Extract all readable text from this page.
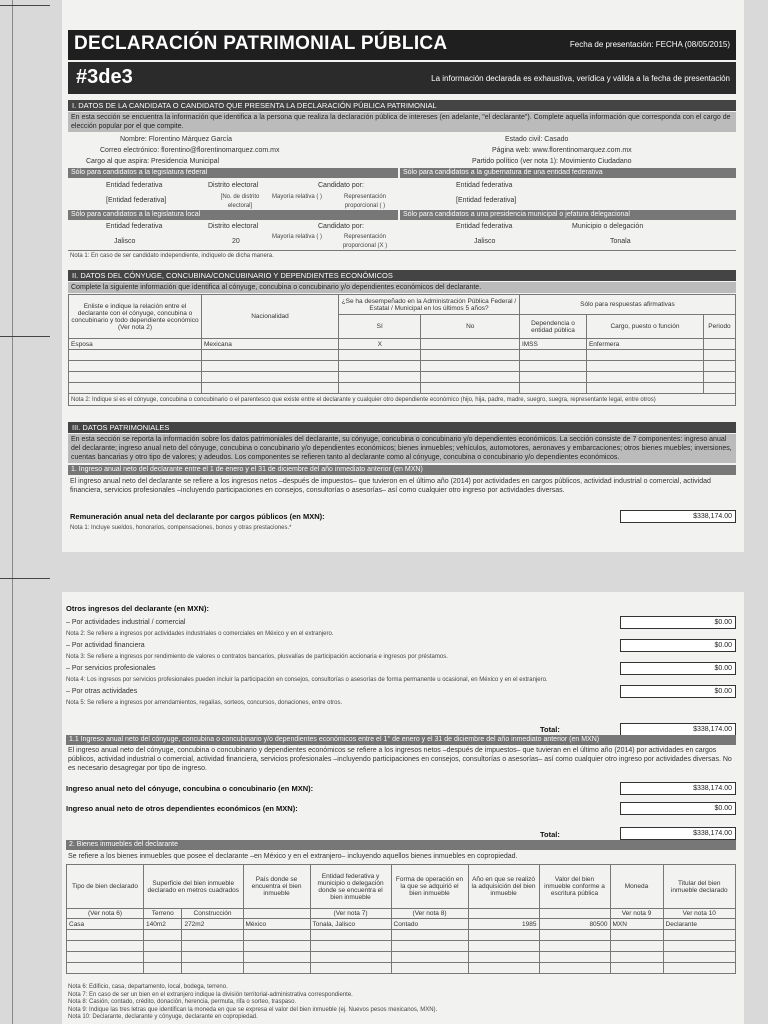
DECLARACIÓN PATRIMONIAL PÚBLICA	Fecha de presentación: FECHA (08/05/2015)
#3de3	La información declarada es exhaustiva, verídica y válida a la fecha de presentación
I. DATOS DE LA CANDIDATA O CANDIDATO QUE PRESENTA LA DECLARACIÓN PÚBLICA PATRIMONIAL
En esta sección se encuentra la información que identifica a la persona que realiza la declaración pública de intereses (en adelante, "el declarante"). Complete aquella información que corresponda con el cargo de elección popular por el que compite.
Nombre: Florentino Márquez García
Correo electrónico: florentino@florentinomarquez.com.mx
Cargo al que aspira: Presidencia Municipal
Estado civil: Casado
Página web: www.florentinomarquez.com.mx
Partido político (ver nota 1): Movimiento Ciudadano
Sólo para candidatos a la legislatura federal	Sólo para candidatos a la gubernatura de una entidad federativa
Entidad federativa	Distrito electoral	Candidato por:	Entidad federativa
[Entidad federativa]	[No. de distrito electoral]
Mayoría relativa ( )	Representación proporcional ( )
[Entidad federativa]
Sólo para candidatos a la legislatura local	Sólo para candidatos a una presidencia municipal o jefatura delegacional
Entidad federativa	Distrito electoral	Candidato por:	Entidad federativa	Municipio o delegación
Jalisco	20
Mayoría relativa ( )	Representación proporcional (X )
Jalisco	Tonala
Nota 1: En caso de ser candidato independiente, indíquelo de dicha manera.
II. DATOS DEL CÓNYUGE, CONCUBINA/CONCUBINARIO Y DEPENDIENTES ECONÓMICOS
Complete la siguiente información que identifica al cónyuge, concubina o concubinario y/o dependientes económicos del declarante.
Enliste e indique la relación entre el declarante con el cónyuge, concubina o concubinario y todo dependiente económico
(Ver nota 2)	Nacionalidad	¿Se ha desempeñado en la Administración Pública Federal / Estatal / Municipal en los últimos 5 años?		Sólo para respuestas afirmativas		
		Sí	No	Dependencia o entidad pública	Cargo, puesto o función	Periodo
Esposa	Mexicana	X		IMSS	Enfermera	

Nota 2: Indique si es el cónyuge, concubina o concubinario o el parentesco que existe entre el declarante y cualquier otro dependiente económico (hijo, hija, padre, madre, suegro, suegra, representante legal, entre otros)						
III. DATOS PATRIMONIALES
En esta sección se reporta la información sobre los datos patrimoniales del declarante, su cónyuge, concubina o concubinario y/o dependientes económicos. La sección consiste de 7 componentes: ingreso anual del declarante; ingreso anual neto del cónyuge, concubina o concubinario y/o dependientes económicos; bienes inmuebles; vehículos, automotores, aeronaves y embarcaciones; otros bienes muebles; inversiones, cuentas bancarias y otro tipo de valores; y adeudos. Los componentes se refieren tanto al declarante como al cónyuge, concubina o concubinario y/o dependientes económicos.
1. Ingreso anual neto del declarante entre el 1 de enero y el 31 de diciembre del año inmediato anterior (en MXN)
El ingreso anual neto del declarante se refiere a los ingresos netos –después de impuestos– que tuvieron en el último año (2014) por actividades en cargos públicos, actividad industrial o comercial, actividad financiera, servicios profesionales –incluyendo participaciones en consejos, consultorías o asesorías– así como cualquier otro ingreso por actividades diversas.
Remuneración anual neta del declarante por cargos públicos (en MXN):	$338,174.00
Nota 1: Incluye sueldos, honorarios, compensaciones, bonos y otras prestaciones.*
Otros ingresos del declarante (en MXN):
– Por actividades industrial / comercial	$0.00
Nota 2: Se refiere a ingresos por actividades industriales o comerciales en México y en el extranjero.
– Por actividad financiera	$0.00
Nota 3: Se refiere a ingresos por rendimiento de valores o contratos bancarios, plusvalías de participación accionaria e ingresos por préstamos.
– Por servicios profesionales	$0.00
Nota 4: Los ingresos por servicios profesionales pueden incluir la participación en consejos, consultorías o asesorías de forma permanente u ocasional, en México y en el extranjero.
– Por otras actividades	$0.00
Nota 5: Se refiere a ingresos por arrendamientos, regalías, sorteos, concursos, donaciones, entre otros.
Total:	$338,174.00
1.1 Ingreso anual neto del cónyuge, concubina o concubinario y/o dependientes económicos entre el 1° de enero y el 31 de diciembre del año inmediato anterior (en MXN)
El ingreso anual neto del cónyuge, concubina o concubinario y dependientes económicos se refiere a los ingresos netos –después de impuestos– que tuvieran en el último año (2014) por actividades en cargos públicos, actividad industrial o comercial, actividad financiera, servicios profesionales –incluyendo participaciones en consejos, consultorías o asesorías– así como cualquier otro ingreso por actividades diversas. No es necesario desagregar por tipo de ingreso.
Ingreso anual neto del cónyuge, concubina o concubinario (en MXN):	$338,174.00
Ingreso anual neto de otros dependientes económicos (en MXN):	$0.00
Total:	$338,174.00
2. Bienes inmuebles del declarante
Se refiere a los bienes inmuebles que posee el declarante –en México y en el extranjero– incluyendo aquellos bienes inmuebles en copropiedad.
Tipo de bien declarado	Superficie del bien inmueble declarado en metros cuadrados		País donde se encuentra el bien inmueble	Entidad federativa y municipio o delegación donde se encuentra el bien inmueble	Forma de operación en la que se adquirió el bien inmueble	Año en que se realizó la adquisición del bien inmueble	Valor del bien inmueble conforme a escritura pública	Moneda	Titular del bien inmueble declarado
(Ver nota 6)	Terreno	Construcción		(Ver nota 7)	(Ver nota 8)			Ver nota 9	Ver nota 10
Casa	140m2	272m2	México	Tonala, Jalisco	Contado	1985	80500	MXN	Declarante

Nota 6: Edificio, casa, departamento, local, bodega, terreno.
Nota 7: En caso de ser un bien en el extranjero indique la división territorial-administrativa correspondiente.
Nota 8: Casión, contado, crédito, donación, herencia, permuta, rifa o sorteo, traspaso.
Nota 9: Indique las tres letras que identifican la moneda en que se expresa el valor del bien inmueble (ej. Nuevos pesos mexicanos, MXN).
Nota 10: Declarante, declarante y cónyuge, declarante en copropiedad.
